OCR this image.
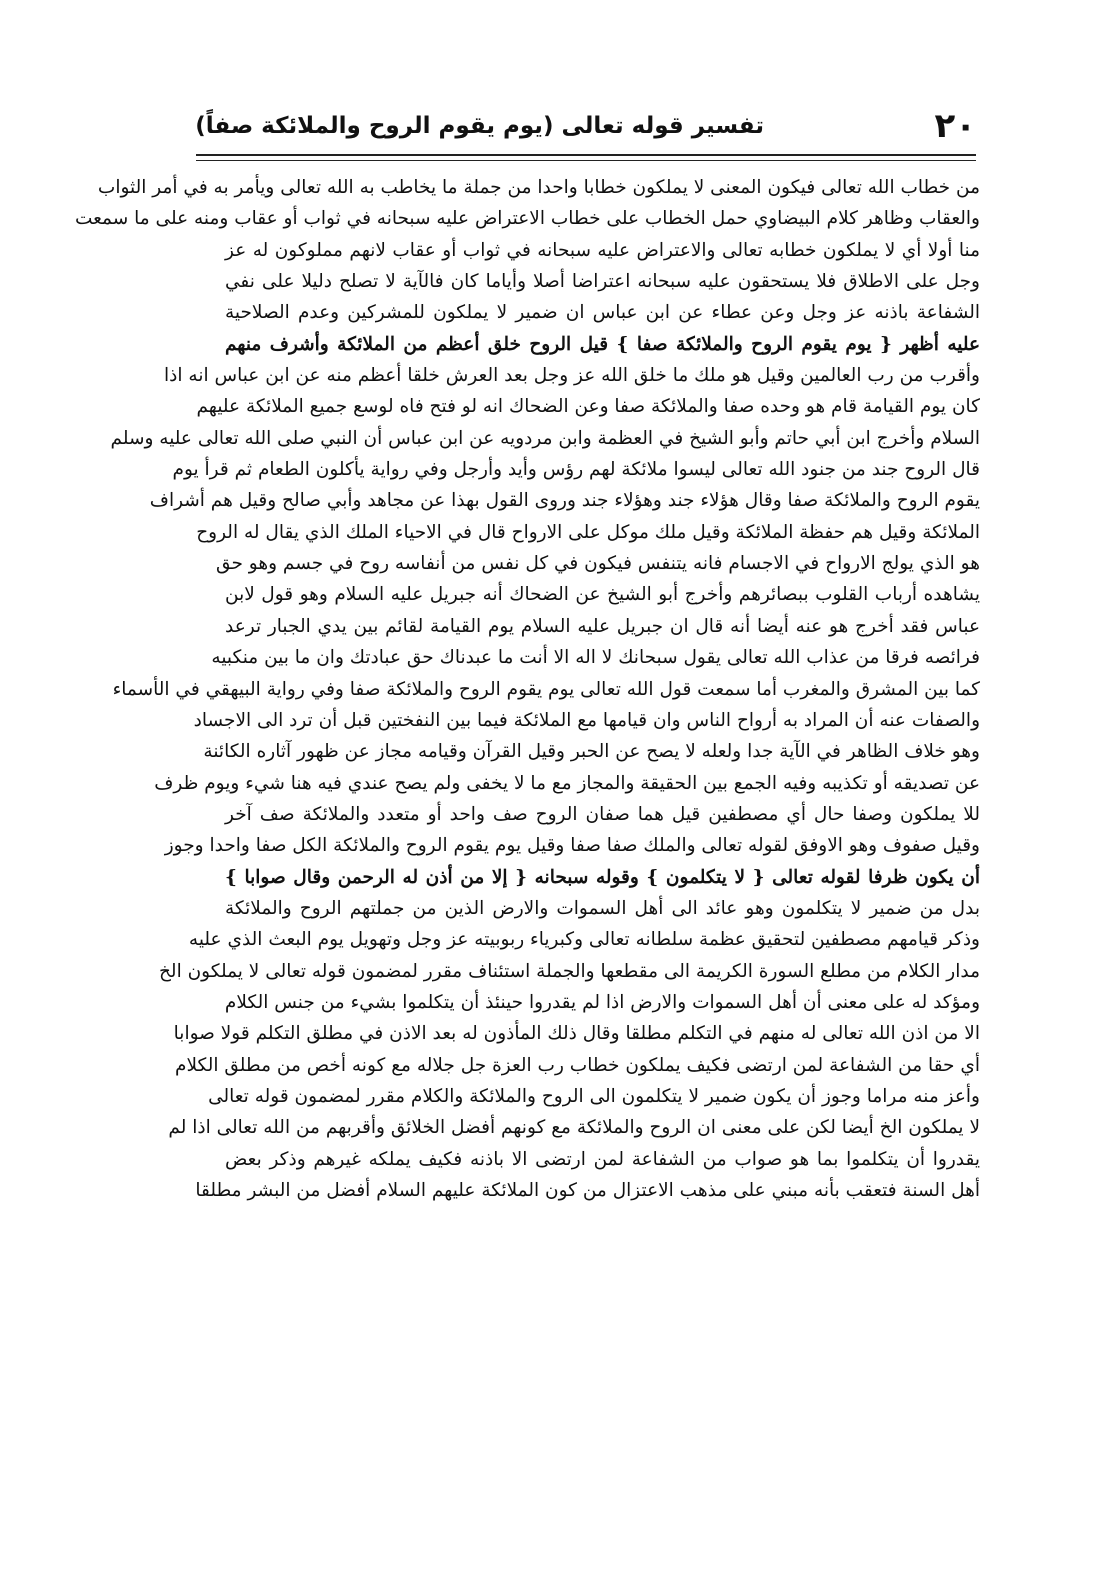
٢٠
تفسير قوله تعالى (يوم يقوم الروح والملائكة صفاً)
من خطاب الله تعالى فيكون المعنى لا يملكون خطابا واحدا من جملة ما يخاطب به الله تعالى ويأمر به في أمر الثواب
والعقاب وظاهر كلام البيضاوي حمل الخطاب على خطاب الاعتراض عليه سبحانه في ثواب أو عقاب ومنه على ما سمعت
منا أولا أي لا يملكون خطابه تعالى والاعتراض عليه سبحانه في ثواب أو عقاب لانهم مملوكون له عز
وجل على الاطلاق فلا يستحقون عليه سبحانه اعتراضا أصلا وأياما كان فالآية لا تصلح دليلا على نفي
الشفاعة باذنه عز وجل وعن عطاء عن ابن عباس ان ضمير لا يملكون للمشركين وعدم الصلاحية
عليه أظهر { يوم يقوم الروح والملائكة صفا } قيل الروح خلق أعظم من الملائكة وأشرف منهم
وأقرب من رب العالمين وقيل هو ملك ما خلق الله عز وجل بعد العرش خلقا أعظم منه عن ابن عباس انه اذا
كان يوم القيامة قام هو وحده صفا والملائكة صفا وعن الضحاك انه لو فتح فاه لوسع جميع الملائكة عليهم
السلام وأخرج ابن أبي حاتم وأبو الشيخ في العظمة وابن مردويه عن ابن عباس أن النبي صلى الله تعالى عليه وسلم
قال الروح جند من جنود الله تعالى ليسوا ملائكة لهم رؤس وأيد وأرجل وفي رواية يأكلون الطعام ثم قرأ يوم
يقوم الروح والملائكة صفا وقال هؤلاء جند وهؤلاء جند وروى القول بهذا عن مجاهد وأبي صالح وقيل هم أشراف
الملائكة وقيل هم حفظة الملائكة وقيل ملك موكل على الارواح قال في الاحياء الملك الذي يقال له الروح
هو الذي يولج الارواح في الاجسام فانه يتنفس فيكون في كل نفس من أنفاسه روح في جسم وهو حق
يشاهده أرباب القلوب ببصائرهم وأخرج أبو الشيخ عن الضحاك أنه جبريل عليه السلام وهو قول لابن
عباس فقد أخرج هو عنه أيضا أنه قال ان جبريل عليه السلام يوم القيامة لقائم بين يدي الجبار ترعد
فرائصه فرقا من عذاب الله تعالى يقول سبحانك لا اله الا أنت ما عبدناك حق عبادتك وان ما بين منكبيه
كما بين المشرق والمغرب أما سمعت قول الله تعالى يوم يقوم الروح والملائكة صفا وفي رواية البيهقي في الأسماء
والصفات عنه أن المراد به أرواح الناس وان قيامها مع الملائكة فيما بين النفختين قبل أن ترد الى الاجساد
وهو خلاف الظاهر في الآية جدا ولعله لا يصح عن الحبر وقيل القرآن وقيامه مجاز عن ظهور آثاره الكائنة
عن تصديقه أو تكذيبه وفيه الجمع بين الحقيقة والمجاز مع ما لا يخفى ولم يصح عندي فيه هنا شيء ويوم ظرف
للا يملكون وصفا حال أي مصطفين قيل هما صفان الروح صف واحد أو متعدد والملائكة صف آخر
وقيل صفوف وهو الاوفق لقوله تعالى والملك صفا صفا وقيل يوم يقوم الروح والملائكة الكل صفا واحدا وجوز
أن يكون ظرفا لقوله تعالى { لا يتكلمون } وقوله سبحانه { إلا من أذن له الرحمن وقال صوابا }
بدل من ضمير لا يتكلمون وهو عائد الى أهل السموات والارض الذين من جملتهم الروح والملائكة
وذكر قيامهم مصطفين لتحقيق عظمة سلطانه تعالى وكبرياء ربوبيته عز وجل وتهويل يوم البعث الذي عليه
مدار الكلام من مطلع السورة الكريمة الى مقطعها والجملة استئناف مقرر لمضمون قوله تعالى لا يملكون الخ
ومؤكد له على معنى أن أهل السموات والارض اذا لم يقدروا حينئذ أن يتكلموا بشيء من جنس الكلام
الا من اذن الله تعالى له منهم في التكلم مطلقا وقال ذلك المأذون له بعد الاذن في مطلق التكلم قولا صوابا
أي حقا من الشفاعة لمن ارتضى فكيف يملكون خطاب رب العزة جل جلاله مع كونه أخص من مطلق الكلام
وأعز منه مراما وجوز أن يكون ضمير لا يتكلمون الى الروح والملائكة والكلام مقرر لمضمون قوله تعالى
لا يملكون الخ أيضا لكن على معنى ان الروح والملائكة مع كونهم أفضل الخلائق وأقربهم من الله تعالى اذا لم
يقدروا أن يتكلموا بما هو صواب من الشفاعة لمن ارتضى الا باذنه فكيف يملكه غيرهم وذكر بعض
أهل السنة فتعقب بأنه مبني على مذهب الاعتزال من كون الملائكة عليهم السلام أفضل من البشر مطلقا
